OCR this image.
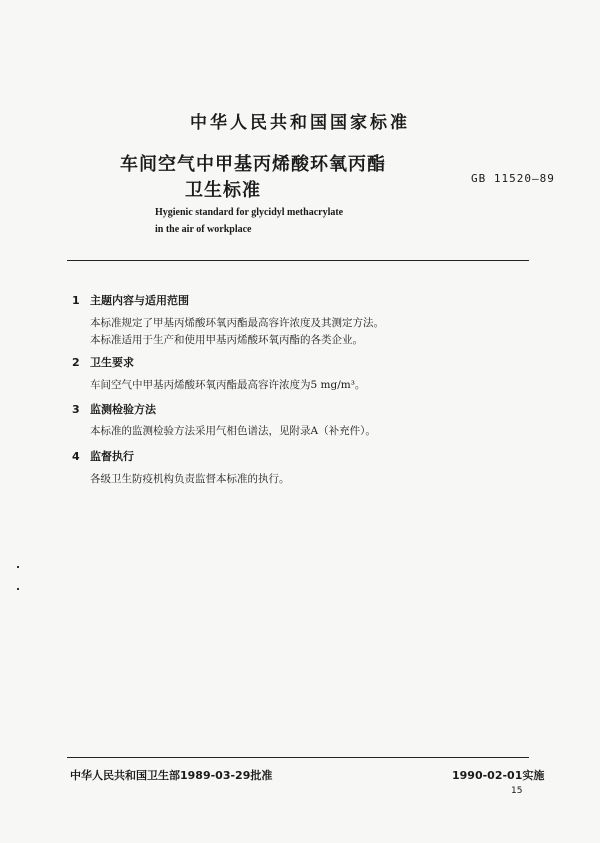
中华人民共和国国家标准
车间空气中甲基丙烯酸环氧丙酯
卫生标准
GB 11520—89
Hygienic standard for glycidyl methacrylate
in the air of workplace
1 主题内容与适用范围
本标准规定了甲基丙烯酸环氧丙酯最高容许浓度及其测定方法。
本标准适用于生产和使用甲基丙烯酸环氧丙酯的各类企业。
2 卫生要求
车间空气中甲基丙烯酸环氧丙酯最高容许浓度为5 mg/m³。
3 监测检验方法
本标准的监测检验方法采用气相色谱法，见附录A（补充件）。
4 监督执行
各级卫生防疫机构负责监督本标准的执行。
中华人民共和国卫生部1989-03-29批准	1990-02-01实施
15
